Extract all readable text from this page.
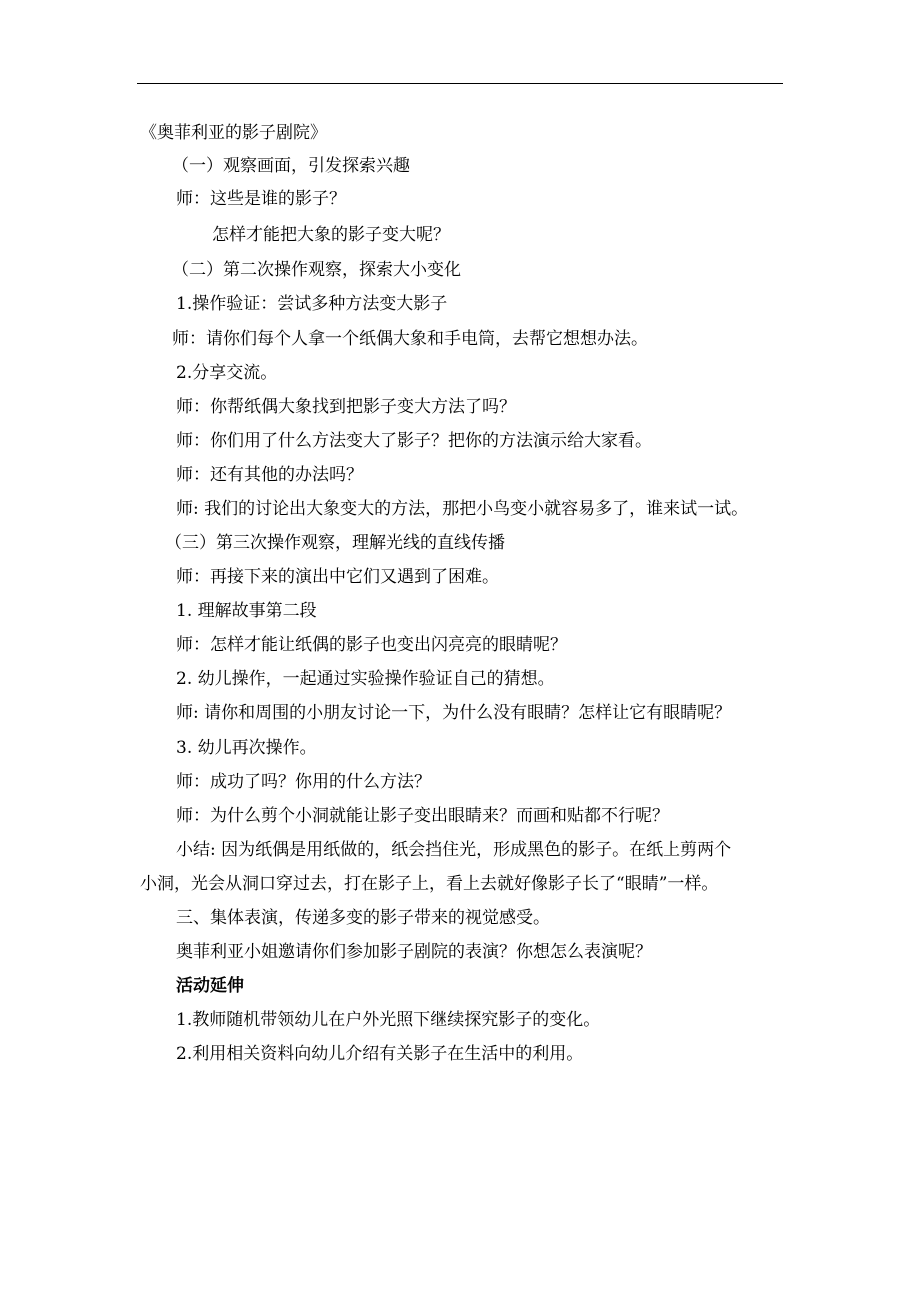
《奥菲利亚的影子剧院》
（一）观察画面，引发探索兴趣
师：这些是谁的影子？
怎样才能把大象的影子变大呢？
（二）第二次操作观察，探索大小变化
1.操作验证：尝试多种方法变大影子
师：请你们每个人拿一个纸偶大象和手电筒，去帮它想想办法。
2.分享交流。
师：你帮纸偶大象找到把影子变大方法了吗？
师：你们用了什么方法变大了影子？把你的方法演示给大家看。
师：还有其他的办法吗？
师: 我们的讨论出大象变大的方法，那把小鸟变小就容易多了，谁来试一试。
（三）第三次操作观察，理解光线的直线传播
师：再接下来的演出中它们又遇到了困难。
1. 理解故事第二段
师：怎样才能让纸偶的影子也变出闪亮亮的眼睛呢？
2. 幼儿操作，一起通过实验操作验证自己的猜想。
师: 请你和周围的小朋友讨论一下，为什么没有眼睛？怎样让它有眼睛呢？
3. 幼儿再次操作。
师：成功了吗？你用的什么方法？
师：为什么剪个小洞就能让影子变出眼睛来？而画和贴都不行呢？
小结: 因为纸偶是用纸做的，纸会挡住光，形成黑色的影子。在纸上剪两个
小洞，光会从洞口穿过去，打在影子上，看上去就好像影子长了“眼睛”一样。
三、集体表演，传递多变的影子带来的视觉感受。
奥菲利亚小姐邀请你们参加影子剧院的表演？你想怎么表演呢？
活动延伸
1.教师随机带领幼儿在户外光照下继续探究影子的变化。
2.利用相关资料向幼儿介绍有关影子在生活中的利用。
